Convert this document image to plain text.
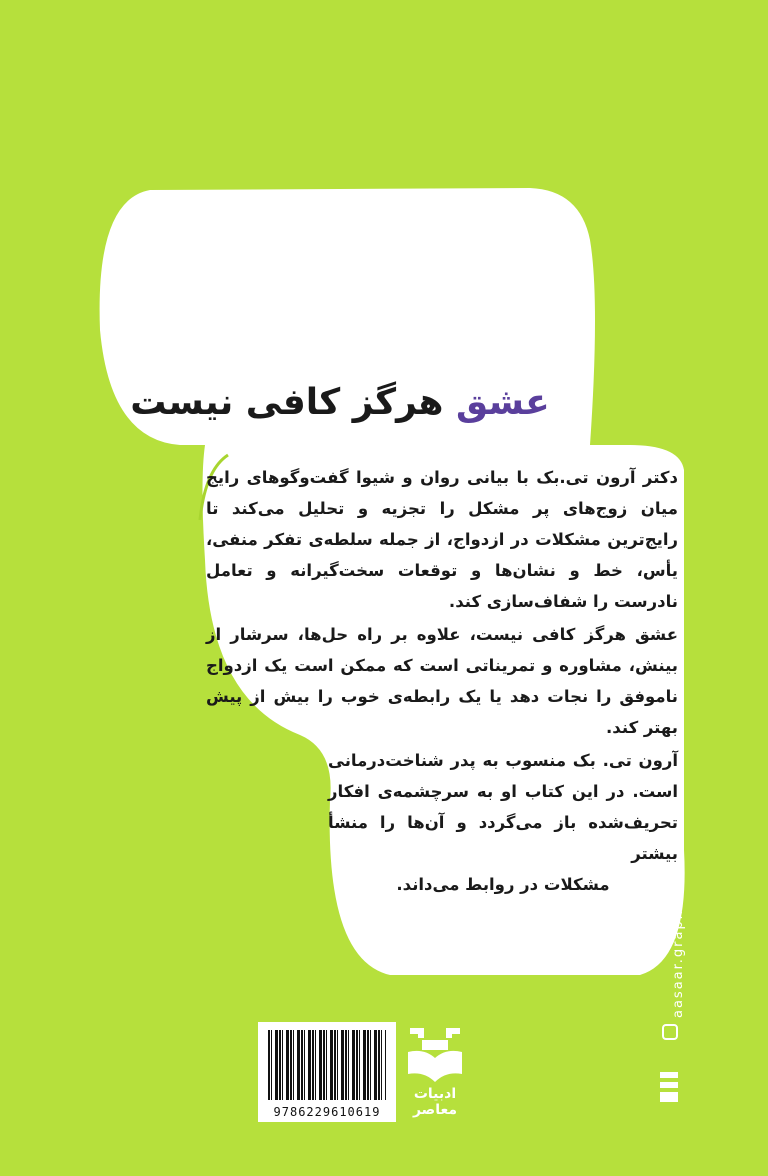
عشق هرگز کافی نیست
دکتر آرون تی.بک با بیانی روان و شیوا گفت‌وگوهای رایج میان زوج‌های پر مشکل را تجزیه و تحلیل می‌کند تا رایج‌ترین مشکلات در ازدواج، از جمله سلطه‌ی تفکر منفی، یأس، خط و نشان‌ها و توقعات سخت‌گیرانه و تعامل نادرست را شفاف‌سازی کند.
عشق هرگز کافی نیست، علاوه بر راه حل‌ها، سرشار از بینش، مشاوره و تمریناتی است که ممکن است یک ازدواج ناموفق را نجات دهد یا یک رابطه‌ی خوب را بیش از پیش بهتر کند.
آرون تی. بک منسوب به پدر شناخت‌درمانی است. در این کتاب او به سرچشمه‌ی افکار تحریف‌شده باز می‌گردد و آن‌ها را منشأ بیشتر
مشکلات در روابط می‌داند.
9786229610619
ادبیات معاصر
aasaar.graphic
